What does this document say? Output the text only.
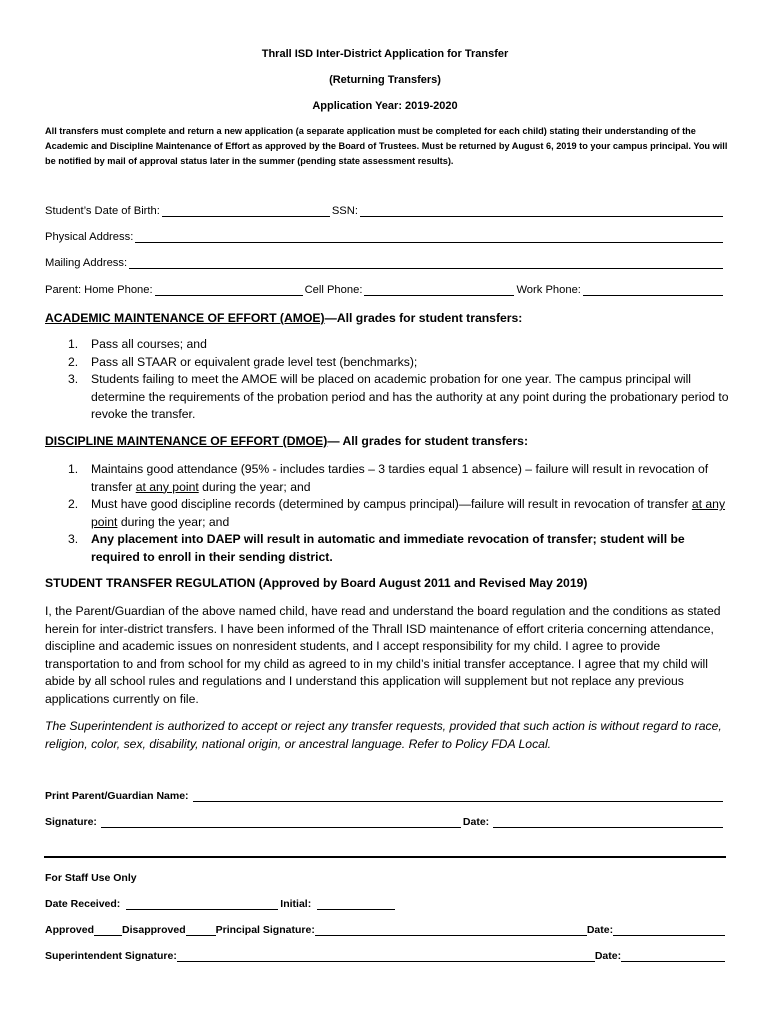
Thrall ISD Inter-District Application for Transfer
(Returning Transfers)
Application Year: 2019-2020
All transfers must complete and return a new application (a separate application must be completed for each child) stating their understanding of the Academic and Discipline Maintenance of Effort as approved by the Board of Trustees. Must be returned by August 6, 2019 to your campus principal. You will be notified by mail of approval status later in the summer (pending state assessment results).
Student’s Date of Birth:	SSN:
Physical Address:
Mailing Address:
Parent: Home Phone:	Cell Phone:	Work Phone:
ACADEMIC MAINTENANCE OF EFFORT (AMOE)—All grades for student transfers:
1. Pass all courses; and
2. Pass all STAAR or equivalent grade level test (benchmarks);
3. Students failing to meet the AMOE will be placed on academic probation for one year. The campus principal will determine the requirements of the probation period and has the authority at any point during the probationary period to revoke the transfer.
DISCIPLINE MAINTENANCE OF EFFORT (DMOE)— All grades for student transfers:
1. Maintains good attendance (95% - includes tardies – 3 tardies equal 1 absence) – failure will result in revocation of transfer at any point during the year; and
2. Must have good discipline records (determined by campus principal)—failure will result in revocation of transfer at any point during the year; and
3. Any placement into DAEP will result in automatic and immediate revocation of transfer; student will be required to enroll in their sending district.
STUDENT TRANSFER REGULATION (Approved by Board August 2011 and Revised May 2019)
I, the Parent/Guardian of the above named child, have read and understand the board regulation and the conditions as stated herein for inter-district transfers. I have been informed of the Thrall ISD maintenance of effort criteria concerning attendance, discipline and academic issues on nonresident students, and I accept responsibility for my child. I agree to provide transportation to and from school for my child as agreed to in my child’s initial transfer acceptance. I agree that my child will abide by all school rules and regulations and I understand this application will supplement but not replace any previous applications currently on file.
The Superintendent is authorized to accept or reject any transfer requests, provided that such action is without regard to race, religion, color, sex, disability, national origin, or ancestral language. Refer to Policy FDA Local.
Print Parent/Guardian Name:
Signature:	Date:
For Staff Use Only
Date Received:	Initial:
Approved	Disapproved	Principal Signature:	Date:
Superintendent Signature:	Date:
